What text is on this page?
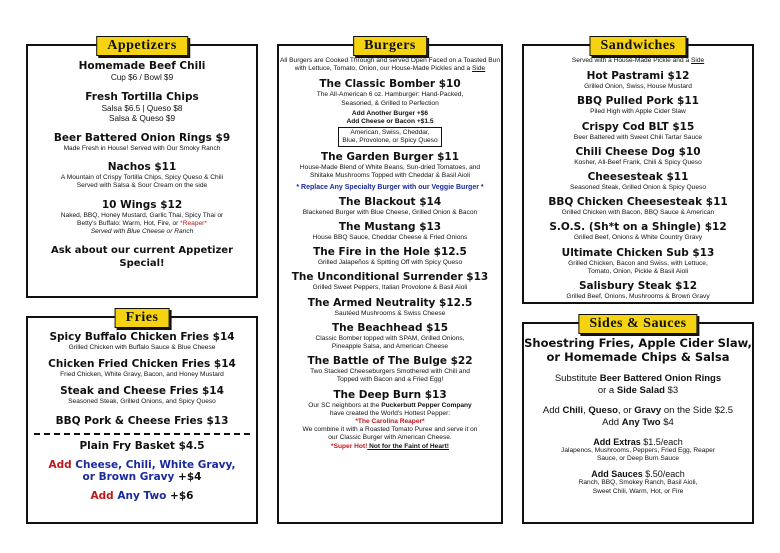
Appetizers
Homemade Beef Chili
Cup $6 / Bowl $9
Fresh Tortilla Chips
Salsa $6.5 | Queso $8
Salsa & Queso $9
Beer Battered Onion Rings $9
Made Fresh in House! Served with Our Smoky Ranch
Nachos $11
A Mountain of Crispy Tortilla Chips, Spicy Queso & Chili
Served with Salsa & Sour Cream on the side
10 Wings $12
Naked, BBQ, Honey Mustard, Garlic Thai, Spicy Thai or
Betty's Buffalo: Warm, Hot, Fire, or *Reaper*
Served with Blue Cheese or Ranch
Ask about our current Appetizer Special!
Fries
Spicy Buffalo Chicken Fries $14
Grilled Chicken with Buffalo Sauce & Blue Cheese
Chicken Fried Chicken Fries $14
Fried Chicken, White Gravy, Bacon, and Honey Mustard
Steak and Cheese Fries $14
Seasoned Steak, Grilled Onions, and Spicy Queso
BBQ Pork & Cheese Fries $13
Plain Fry Basket $4.5
Add Cheese, Chili, White Gravy,
or Brown Gravy +$4
Add Any Two +$6
Burgers
All Burgers are Cooked Through and served Open Faced on a Toasted Bun
with Lettuce, Tomato, Onion, our House-Made Pickles and a Side
The Classic Bomber $10
The All-American 6 oz. Hamburger: Hand-Packed,
Seasoned, & Grilled to Perfection
Add Another Burger +$6
Add Cheese or Bacon +$1.5
American, Swiss, Cheddar,
Blue, Provolone, or Spicy Queso
The Garden Burger $11
House-Made Blend of White Beans, Sun-dried Tomatoes, and
Shiitake Mushrooms Topped with Cheddar & Basil Aioli
* Replace Any Specialty Burger with our Veggie Burger *
The Blackout $14
Blackened Burger with Blue Cheese, Grilled Onion & Bacon
The Mustang $13
House BBQ Sauce, Cheddar Cheese & Fried Onions
The Fire in the Hole $12.5
Grilled Jalapeños & Spitting Off with Spicy Queso
The Unconditional Surrender $13
Grilled Sweet Peppers, Italian Provolone & Basil Aioli
The Armed Neutrality $12.5
Sautéed Mushrooms & Swiss Cheese
The Beachhead $15
Classic Bomber topped with SPAM, Grilled Onions,
Pineapple Salsa, and American Cheese
The Battle of The Bulge $22
Two Stacked Cheeseburgers Smothered with Chili and
Topped with Bacon and a Fried Egg!
The Deep Burn $13
Our SC neighbors at the Puckerbutt Pepper Company
have created the World's Hottest Pepper:
*The Carolina Reaper*
We combine it with a Roasted Tomato Puree and serve it on
our Classic Burger with American Cheese.
*Super Hot! Not for the Faint of Heart!
Sandwiches
Served with a House-Made Pickle and a Side
Hot Pastrami $12
Grilled Onion, Swiss, House Mustard
BBQ Pulled Pork $11
Piled High with Apple Cider Slaw
Crispy Cod BLT $15
Beer Battered with Sweet Chili Tartar Sauce
Chili Cheese Dog $10
Kosher, All-Beef Frank, Chili & Spicy Queso
Cheesesteak $11
Seasoned Steak, Grilled Onion & Spicy Queso
BBQ Chicken Cheesesteak $11
Grilled Chicken with Bacon, BBQ Sauce & American
S.O.S. (Sh*t on a Shingle) $12
Grilled Beef, Onions & White Country Gravy
Ultimate Chicken Sub $13
Grilled Chicken, Bacon and Swiss, with Lettuce,
Tomato, Onion, Pickle & Basil Aioli
Salisbury Steak $12
Grilled Beef, Onions, Mushrooms & Brown Gravy
Sides & Sauces
Shoestring Fries, Apple Cider Slaw,
or Homemade Chips & Salsa
Substitute Beer Battered Onion Rings
or a Side Salad $3
Add Chili, Queso, or Gravy on the Side $2.5
Add Any Two $4
Add Extras $1.5/each
Jalapenos, Mushrooms, Peppers, Fried Egg, Reaper
Sauce, or Deep Burn Sauce
Add Sauces $.50/each
Ranch, BBQ, Smokey Ranch, Basil Aioli,
Sweet Chili, Warm, Hot, or Fire
